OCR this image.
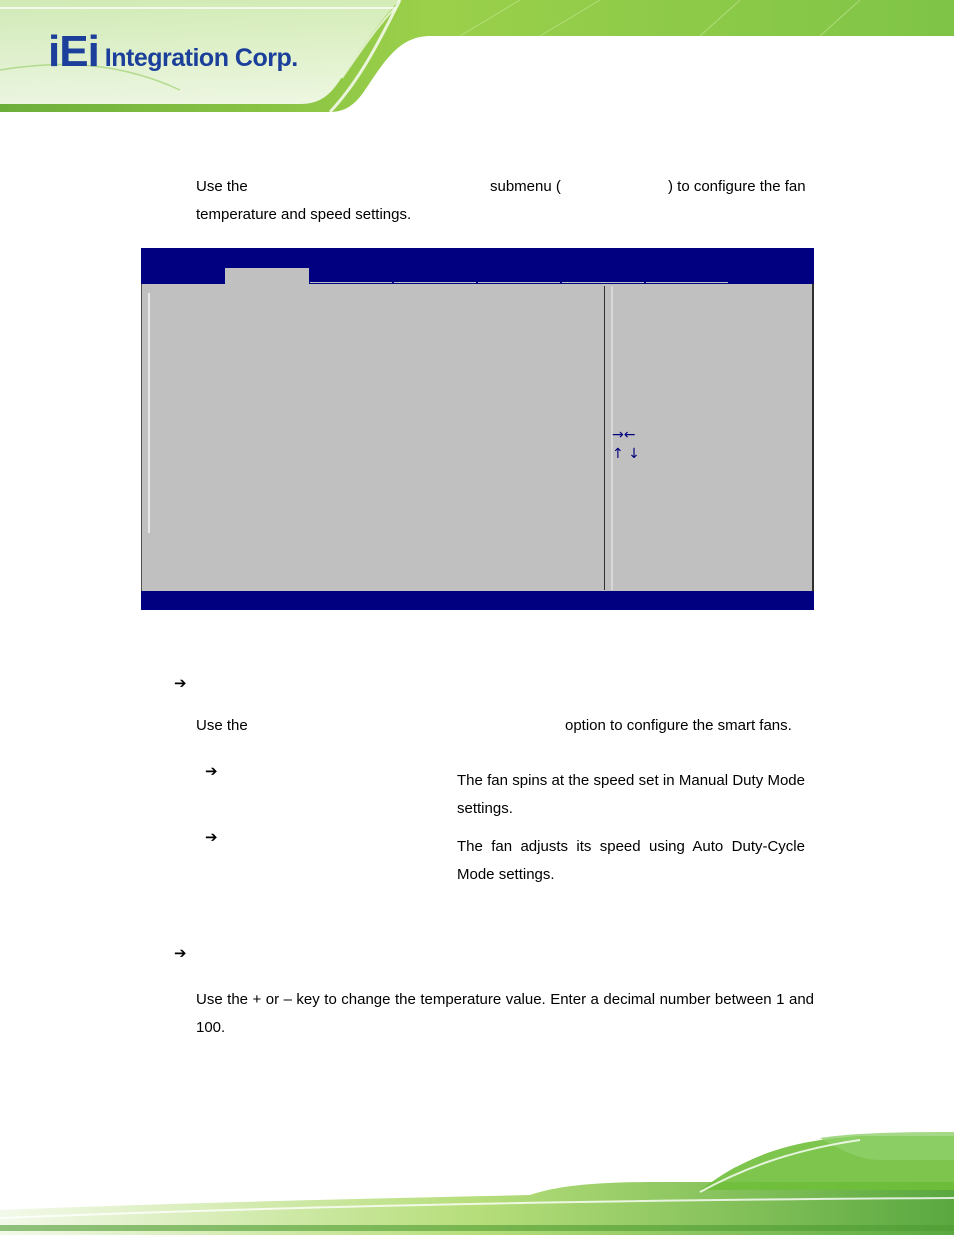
iEi Integration Corp.
Use the	submenu (	) to configure the fan
temperature and speed settings.
→←
↑ ↓
➔
Use the	option to configure the smart fans.
➔
The fan spins at the speed set in Manual Duty Mode settings.
➔
The fan adjusts its speed using Auto Duty-Cycle Mode settings.
➔
Use the + or – key to change the temperature value. Enter a decimal number between 1 and 100.
